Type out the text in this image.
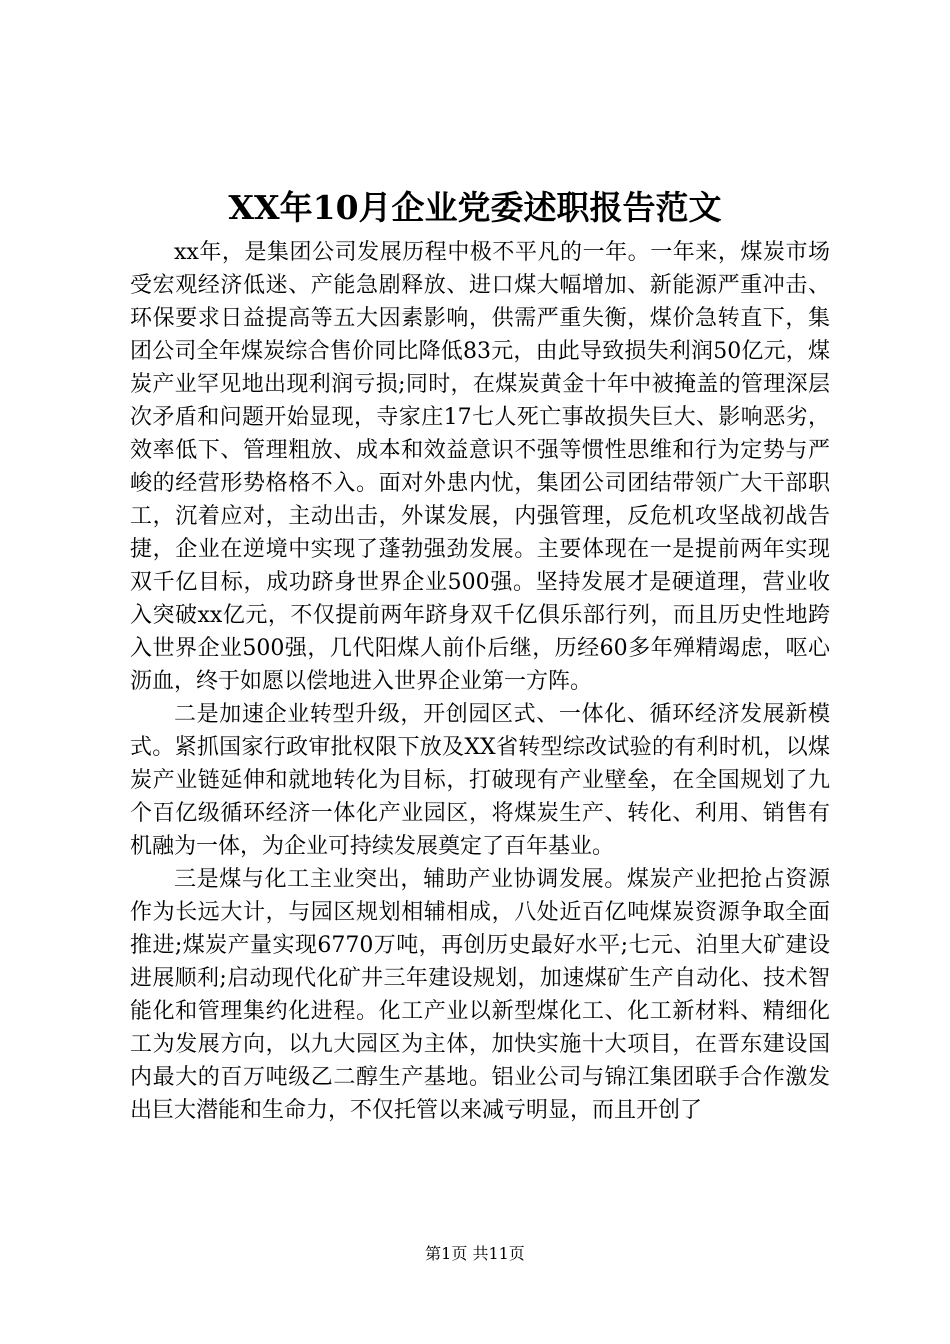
XX年10月企业党委述职报告范文

xx年，是集团公司发展历程中极不平凡的一年。一年来，煤炭市场受宏观经济低迷、产能急剧释放、进口煤大幅增加、新能源严重冲击、环保要求日益提高等五大因素影响，供需严重失衡，煤价急转直下，集团公司全年煤炭综合售价同比降低83元，由此导致损失利润50亿元，煤炭产业罕见地出现利润亏损;同时，在煤炭黄金十年中被掩盖的管理深层次矛盾和问题开始显现，寺家庄17七人死亡事故损失巨大、影响恶劣，效率低下、管理粗放、成本和效益意识不强等惯性思维和行为定势与严峻的经营形势格格不入。面对外患内忧，集团公司团结带领广大干部职工，沉着应对，主动出击，外谋发展，内强管理，反危机攻坚战初战告捷，企业在逆境中实现了蓬勃强劲发展。主要体现在一是提前两年实现双千亿目标，成功跻身世界企业500强。坚持发展才是硬道理，营业收入突破xx亿元，不仅提前两年跻身双千亿俱乐部行列，而且历史性地跨入世界企业500强，几代阳煤人前仆后继，历经60多年殚精竭虑，呕心沥血，终于如愿以偿地进入世界企业第一方阵。

二是加速企业转型升级，开创园区式、一体化、循环经济发展新模式。紧抓国家行政审批权限下放及XX省转型综改试验的有利时机，以煤炭产业链延伸和就地转化为目标，打破现有产业壁垒，在全国规划了九个百亿级循环经济一体化产业园区，将煤炭生产、转化、利用、销售有机融为一体，为企业可持续发展奠定了百年基业。

三是煤与化工主业突出，辅助产业协调发展。煤炭产业把抢占资源作为长远大计，与园区规划相辅相成，八处近百亿吨煤炭资源争取全面推进;煤炭产量实现6770万吨，再创历史最好水平;七元、泊里大矿建设进展顺利;启动现代化矿井三年建设规划，加速煤矿生产自动化、技术智能化和管理集约化进程。化工产业以新型煤化工、化工新材料、精细化工为发展方向，以九大园区为主体，加快实施十大项目，在晋东建设国内最大的百万吨级乙二醇生产基地。铝业公司与锦江集团联手合作激发出巨大潜能和生命力，不仅托管以来减亏明显，而且开创了

第1页 共11页
